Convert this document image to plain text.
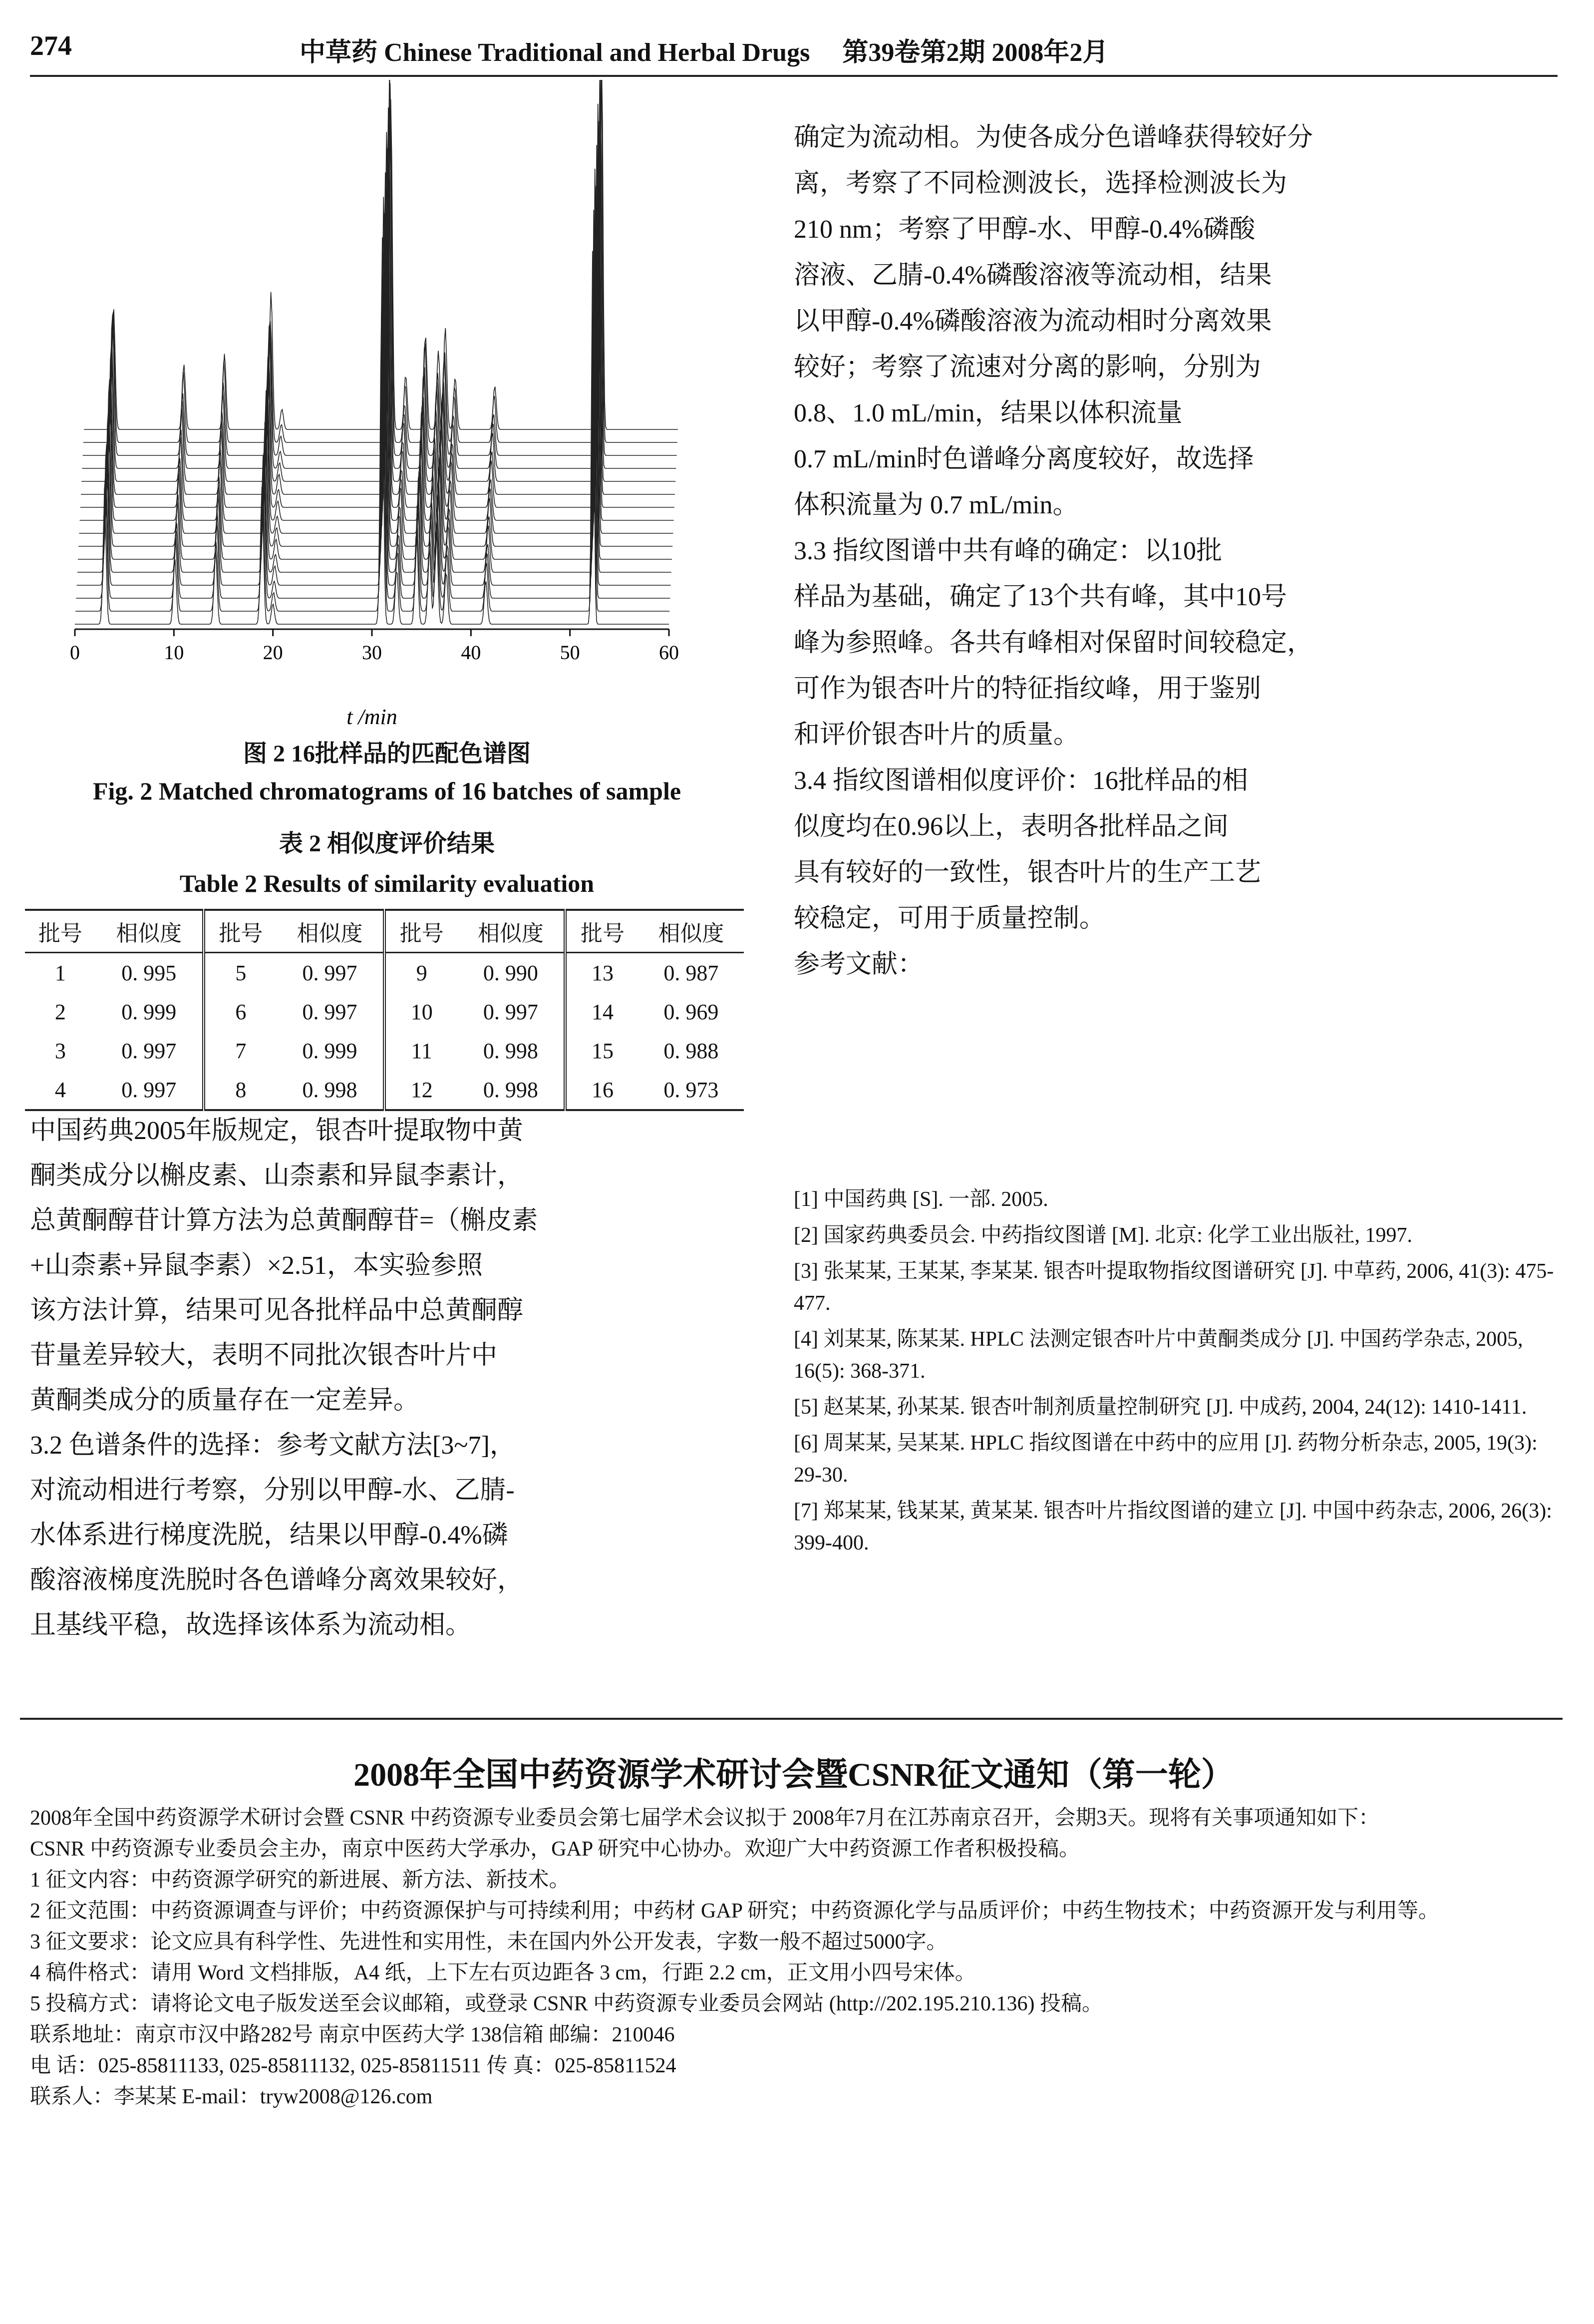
274	中草药 Chinese Traditional and Herbal Drugs 第39卷第2期 2008年2月
0	10	20	30	40	50	60
t /min
图 2 16批样品的匹配色谱图
Fig. 2 Matched chromatograms of 16 batches of sample
表 2 相似度评价结果
Table 2 Results of similarity evaluation
批号	相似度	批号	相似度	批号	相似度	批号	相似度
1	0. 995	5	0. 997	9	0. 990	13	0. 987
2	0. 999	6	0. 997	10	0. 997	14	0. 969
3	0. 997	7	0. 999	11	0. 998	15	0. 988
4	0. 997	8	0. 998	12	0. 998	16	0. 973
中国药典2005年版规定，银杏叶提取物中黄
酮类成分以槲皮素、山柰素和异鼠李素计，
总黄酮醇苷计算方法为总黄酮醇苷=（槲皮素
+山柰素+异鼠李素）×2.51，本实验参照
该方法计算，结果可见各批样品中总黄酮醇
苷量差异较大，表明不同批次银杏叶片中
黄酮类成分的质量存在一定差异。
3.2 色谱条件的选择：参考文献方法[3~7]，
对流动相进行考察，分别以甲醇-水、乙腈-
水体系进行梯度洗脱，结果以甲醇-0.4%磷
酸溶液梯度洗脱时各色谱峰分离效果较好，
且基线平稳，故选择该体系为流动相。
确定为流动相。为使各成分色谱峰获得较好分
离，考察了不同检测波长，选择检测波长为
210 nm；考察了甲醇-水、甲醇-0.4%磷酸
溶液、乙腈-0.4%磷酸溶液等流动相，结果
以甲醇-0.4%磷酸溶液为流动相时分离效果
较好；考察了流速对分离的影响，分别为
0.8、1.0 mL/min，结果以体积流量
0.7 mL/min时色谱峰分离度较好，故选择
体积流量为 0.7 mL/min。
3.3 指纹图谱中共有峰的确定：以10批
样品为基础，确定了13个共有峰，其中10号
峰为参照峰。各共有峰相对保留时间较稳定，
可作为银杏叶片的特征指纹峰，用于鉴别
和评价银杏叶片的质量。
3.4 指纹图谱相似度评价：16批样品的相
似度均在0.96以上，表明各批样品之间
具有较好的一致性，银杏叶片的生产工艺
较稳定，可用于质量控制。
参考文献：
[1] 中国药典 [S]. 一部. 2005.
[2] 国家药典委员会. 中药指纹图谱 [M]. 北京: 化学工业出版社, 1997.
[3] 张某某, 王某某, 李某某. 银杏叶提取物指纹图谱研究 [J]. 中草药, 2006, 41(3): 475-477.
[4] 刘某某, 陈某某. HPLC 法测定银杏叶片中黄酮类成分 [J]. 中国药学杂志, 2005, 16(5): 368-371.
[5] 赵某某, 孙某某. 银杏叶制剂质量控制研究 [J]. 中成药, 2004, 24(12): 1410-1411.
[6] 周某某, 吴某某. HPLC 指纹图谱在中药中的应用 [J]. 药物分析杂志, 2005, 19(3): 29-30.
[7] 郑某某, 钱某某, 黄某某. 银杏叶片指纹图谱的建立 [J]. 中国中药杂志, 2006, 26(3): 399-400.
2008年全国中药资源学术研讨会暨CSNR征文通知（第一轮）

2008年全国中药资源学术研讨会暨 CSNR 中药资源专业委员会第七届学术会议拟于 2008年7月在江苏南京召开，会期3天。现将有关事项通知如下：

CSNR 中药资源专业委员会主办，南京中医药大学承办，GAP 研究中心协办。欢迎广大中药资源工作者积极投稿。

1 征文内容：中药资源学研究的新进展、新方法、新技术。

2 征文范围：中药资源调查与评价；中药资源保护与可持续利用；中药材 GAP 研究；中药资源化学与品质评价；中药生物技术；中药资源开发与利用等。

3 征文要求：论文应具有科学性、先进性和实用性，未在国内外公开发表，字数一般不超过5000字。

4 稿件格式：请用 Word 文档排版，A4 纸，上下左右页边距各 3 cm，行距 2.2 cm，正文用小四号宋体。

5 投稿方式：请将论文电子版发送至会议邮箱，或登录 CSNR 中药资源专业委员会网站 (http://202.195.210.136) 投稿。

联系地址：南京市汉中路282号 南京中医药大学 138信箱 邮编：210046

电 话：025-85811133, 025-85811132, 025-85811511 传 真：025-85811524

联系人：李某某 E-mail：tryw2008@126.com
